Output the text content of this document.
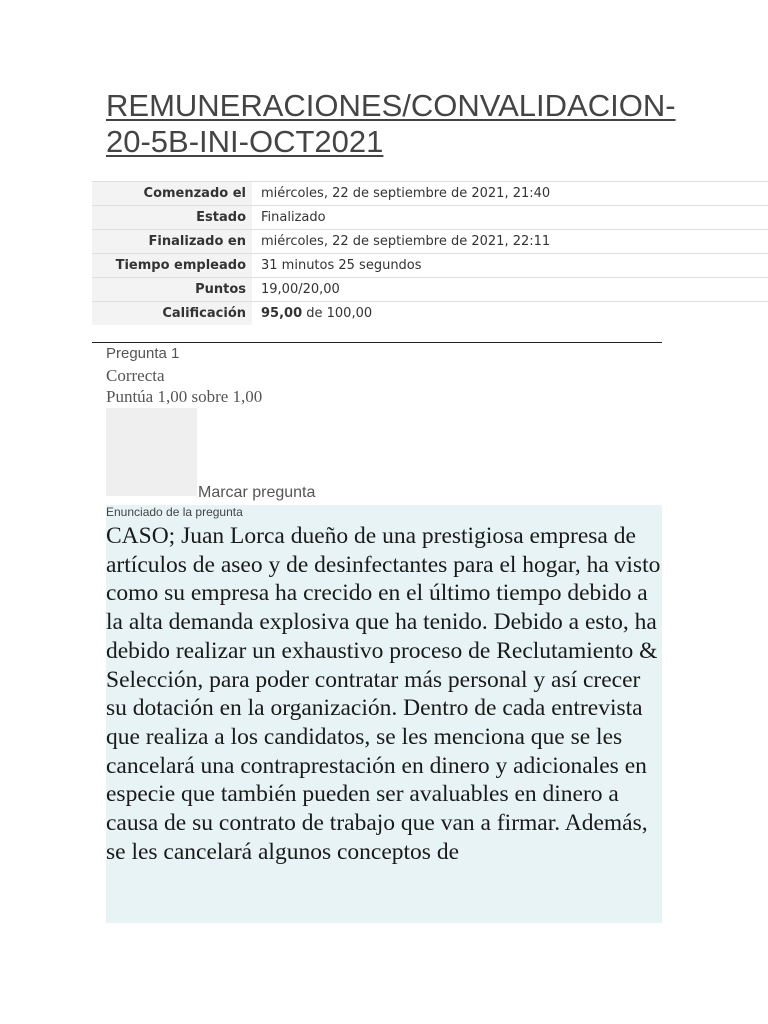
REMUNERACIONES/CONVALIDACION-20-5B-INI-OCT2021
Comenzado el	miércoles, 22 de septiembre de 2021, 21:40
Estado	Finalizado
Finalizado en	miércoles, 22 de septiembre de 2021, 22:11
Tiempo empleado	31 minutos 25 segundos
Puntos	19,00/20,00
Calificación	95,00 de 100,00
Pregunta 1
Correcta
Puntúa 1,00 sobre 1,00
Marcar pregunta
Enunciado de la pregunta

CASO; Juan Lorca dueño de una prestigiosa empresa de artículos de aseo y de desinfectantes para el hogar, ha visto como su empresa ha crecido en el último tiempo debido a la alta demanda explosiva que ha tenido. Debido a esto, ha debido realizar un exhaustivo proceso de Reclutamiento & Selección, para poder contratar más personal y así crecer su dotación en la organización. Dentro de cada entrevista que realiza a los candidatos, se les menciona que se les cancelará una contraprestación en dinero y adicionales en especie que también pueden ser avaluables en dinero a causa de su contrato de trabajo que van a firmar. Además, se les cancelará algunos conceptos de
